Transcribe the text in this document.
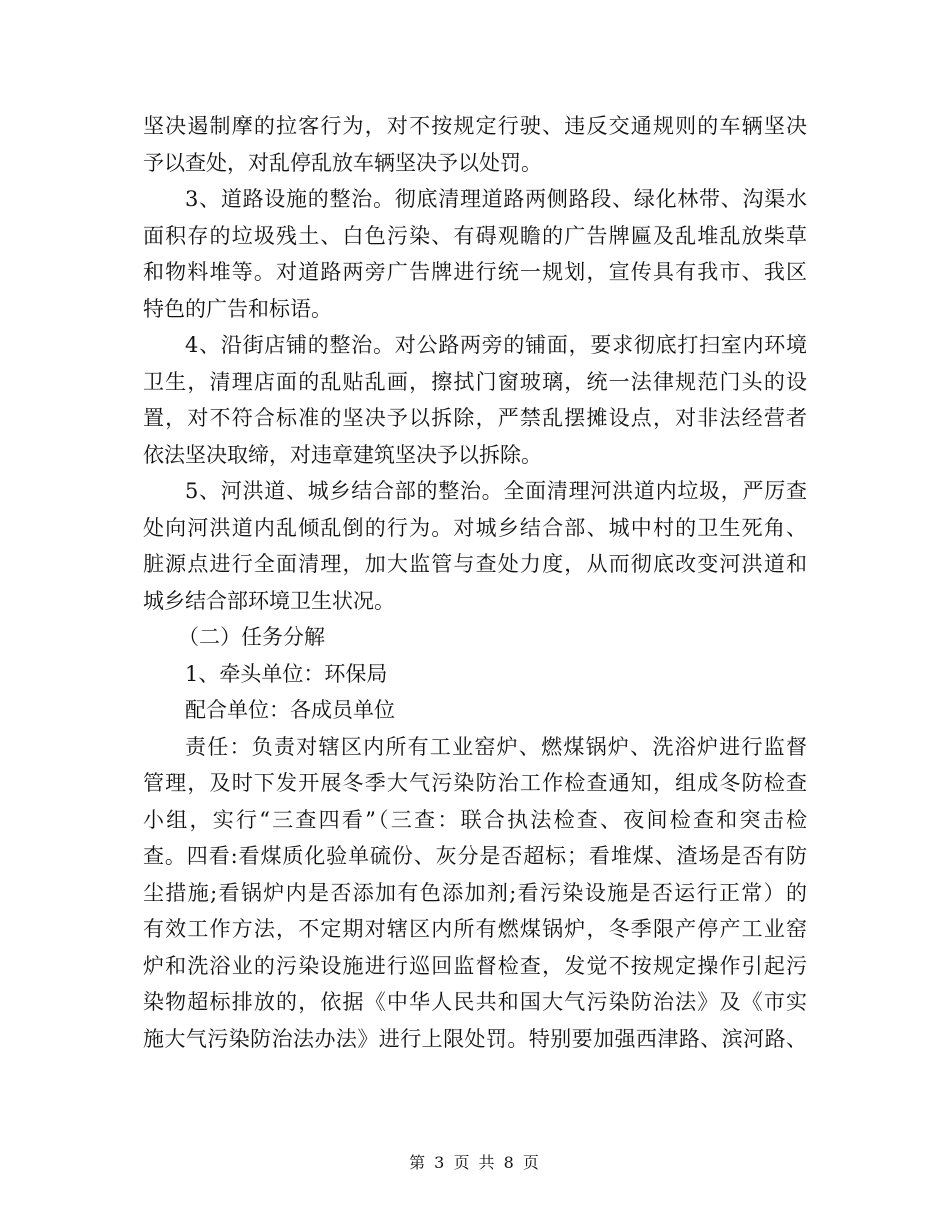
坚决遏制摩的拉客行为，对不按规定行驶、违反交通规则的车辆坚决
予以查处，对乱停乱放车辆坚决予以处罚。
3、道路设施的整治。彻底清理道路两侧路段、绿化林带、沟渠水
面积存的垃圾残土、白色污染、有碍观瞻的广告牌匾及乱堆乱放柴草
和物料堆等。对道路两旁广告牌进行统一规划，宣传具有我市、我区
特色的广告和标语。
4、沿街店铺的整治。对公路两旁的铺面，要求彻底打扫室内环境
卫生，清理店面的乱贴乱画，擦拭门窗玻璃，统一法律规范门头的设
置，对不符合标准的坚决予以拆除，严禁乱摆摊设点，对非法经营者
依法坚决取缔，对违章建筑坚决予以拆除。
5、河洪道、城乡结合部的整治。全面清理河洪道内垃圾，严厉查
处向河洪道内乱倾乱倒的行为。对城乡结合部、城中村的卫生死角、
脏源点进行全面清理，加大监管与查处力度，从而彻底改变河洪道和
城乡结合部环境卫生状况。
（二）任务分解
1、牵头单位：环保局
配合单位：各成员单位
责任：负责对辖区内所有工业窑炉、燃煤锅炉、洗浴炉进行监督
管理，及时下发开展冬季大气污染防治工作检查通知，组成冬防检查
小组，实行“三查四看”（三查：联合执法检查、夜间检查和突击检
查。四看:看煤质化验单硫份、灰分是否超标；看堆煤、渣场是否有防
尘措施;看锅炉内是否添加有色添加剂;看污染设施是否运行正常）的
有效工作方法，不定期对辖区内所有燃煤锅炉，冬季限产停产工业窑
炉和洗浴业的污染设施进行巡回监督检查，发觉不按规定操作引起污
染物超标排放的，依据《中华人民共和国大气污染防治法》及《市实
施大气污染防治法办法》进行上限处罚。特别要加强西津路、滨河路、
第 3 页 共 8 页
